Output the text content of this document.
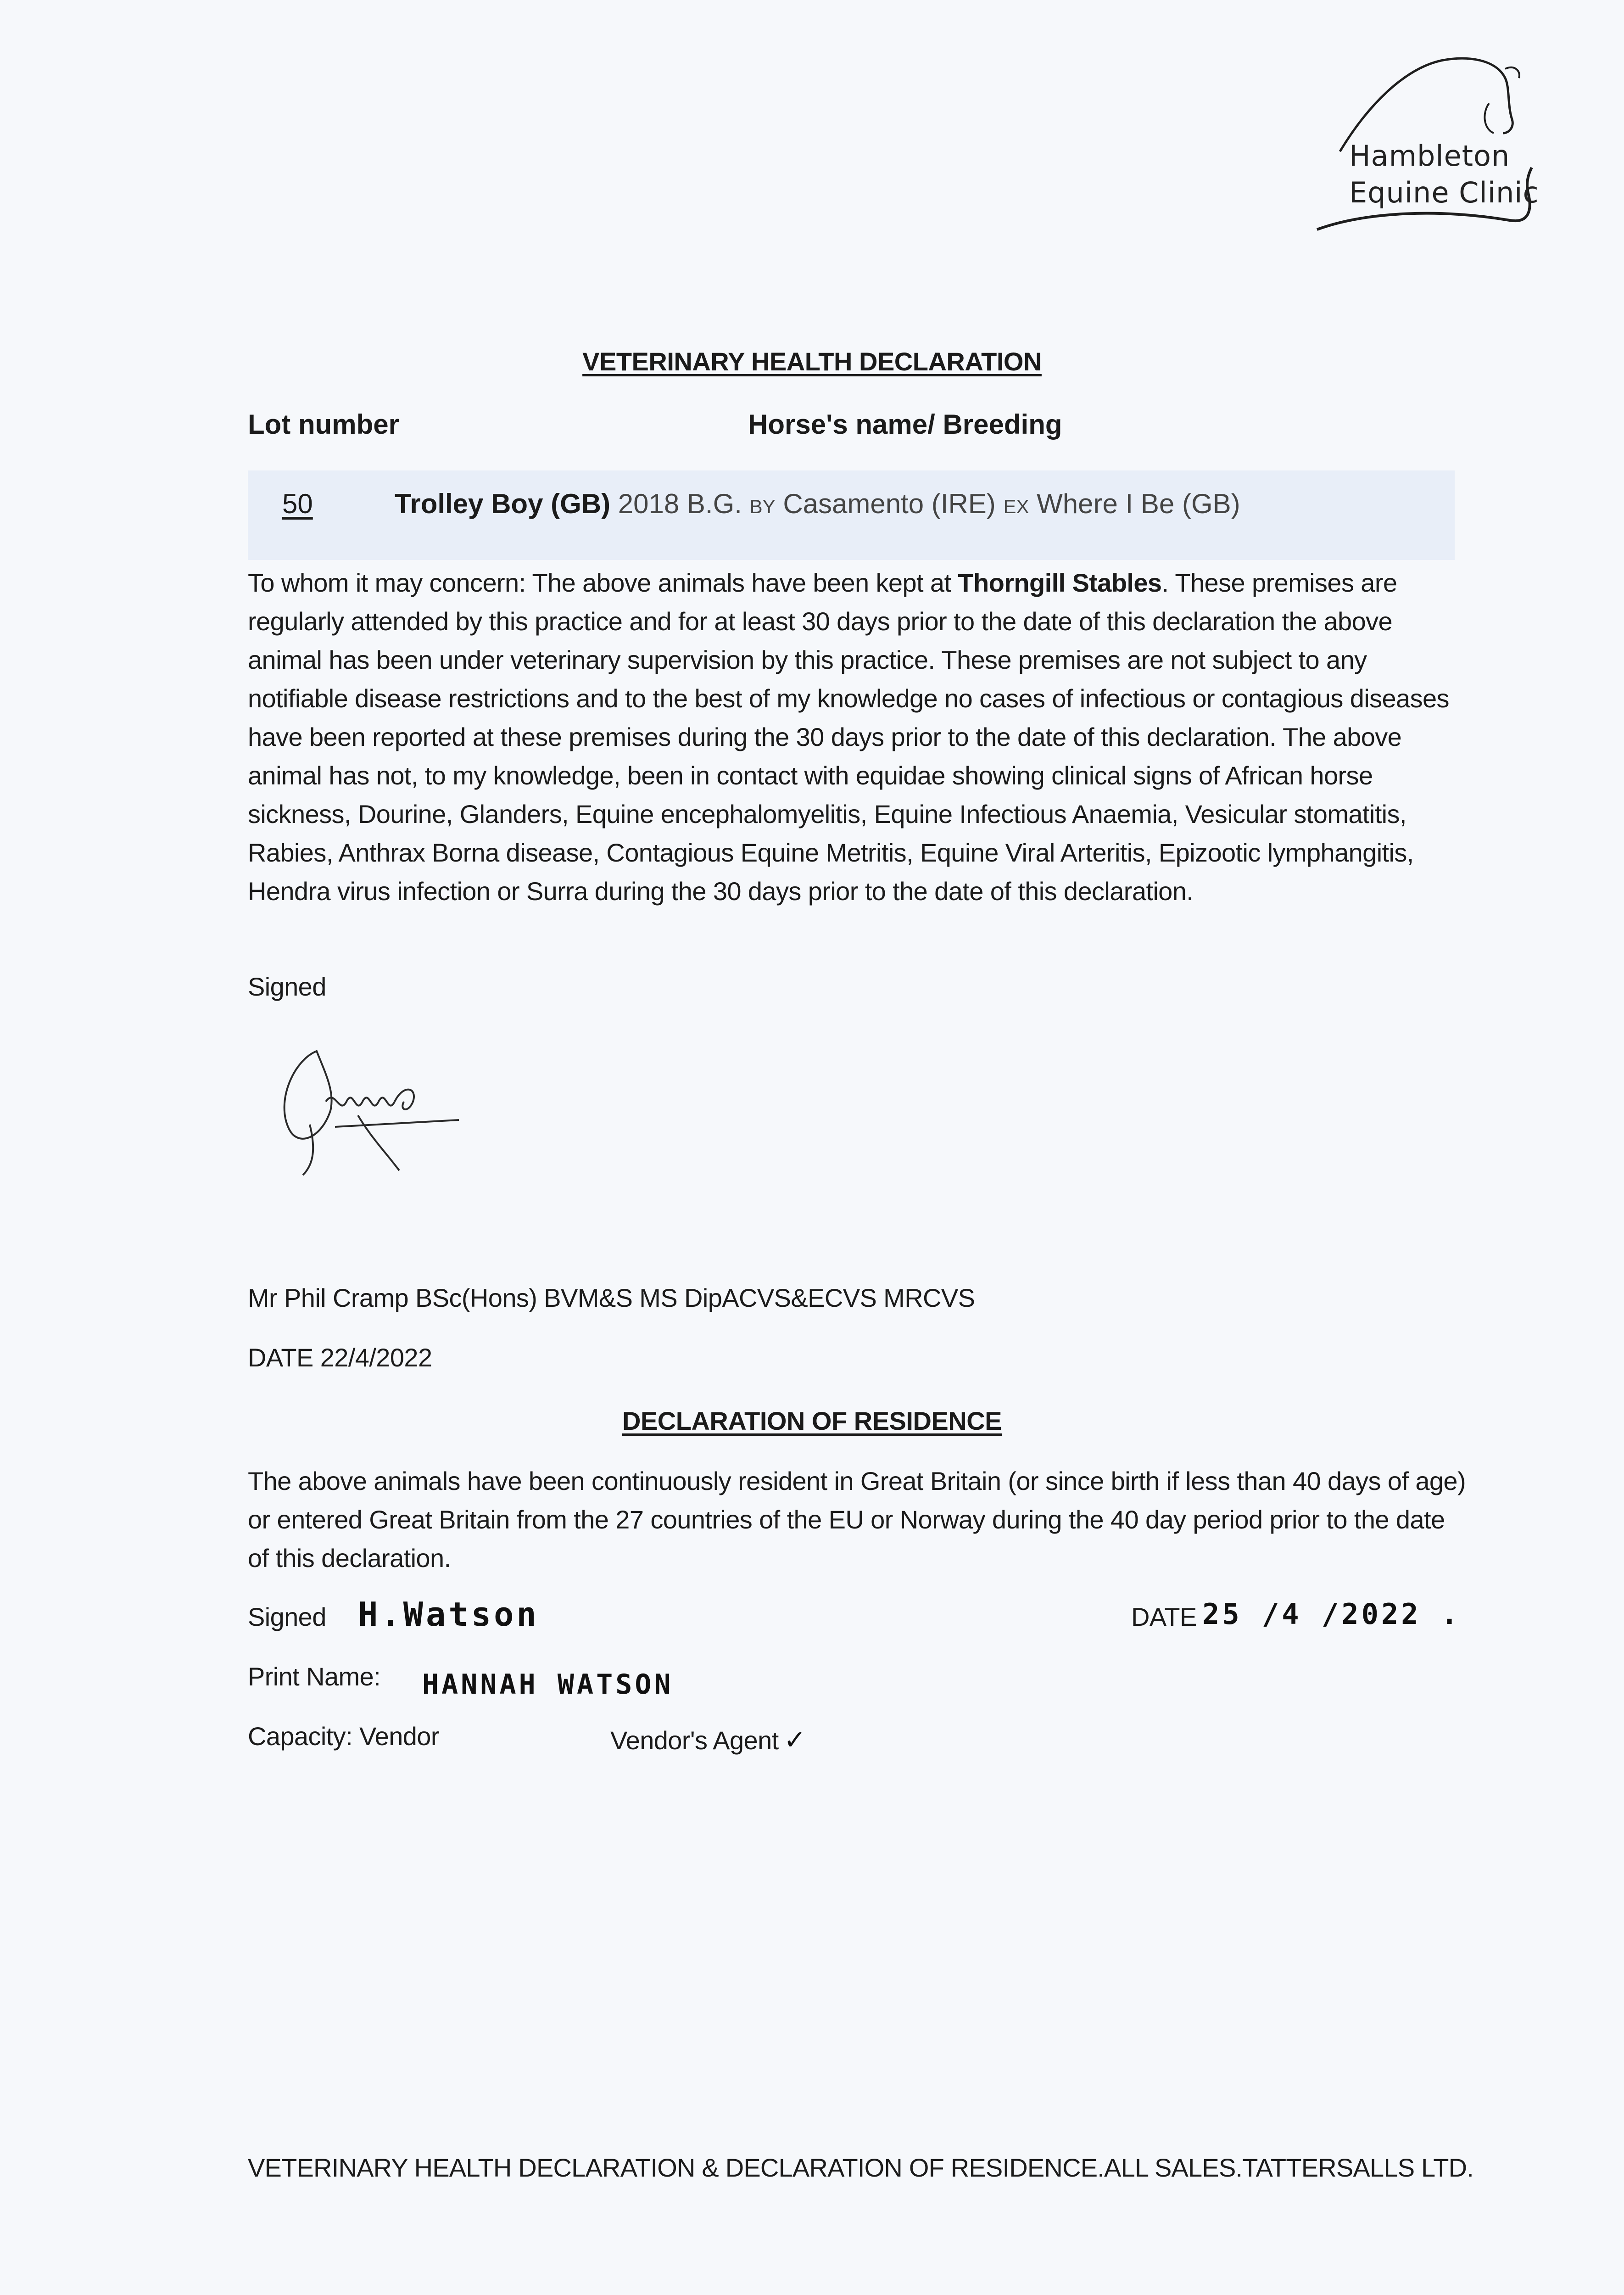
Hambleton
Equine Clinic
VETERINARY HEALTH DECLARATION
Lot number	Horse's name/ Breeding
50	Trolley Boy (GB) 2018 B.G. BY Casamento (IRE) EX Where I Be (GB)
To whom it may concern: The above animals have been kept at Thorngill Stables. These premises are regularly attended by this practice and for at least 30 days prior to the date of this declaration the above animal has been under veterinary supervision by this practice. These premises are not subject to any notifiable disease restrictions and to the best of my knowledge no cases of infectious or contagious diseases have been reported at these premises during the 30 days prior to the date of this declaration. The above animal has not, to my knowledge, been in contact with equidae showing clinical signs of African horse sickness, Dourine, Glanders, Equine encephalomyelitis, Equine Infectious Anaemia, Vesicular stomatitis, Rabies, Anthrax Borna disease, Contagious Equine Metritis, Equine Viral Arteritis, Epizootic lymphangitis, Hendra virus infection or Surra during the 30 days prior to the date of this declaration.
Signed
Mr Phil Cramp BSc(Hons) BVM&S MS DipACVS&ECVS MRCVS
DATE 22/4/2022
DECLARATION OF RESIDENCE
The above animals have been continuously resident in Great Britain (or since birth if less than 40 days of age) or entered Great Britain from the 27 countries of the EU or Norway during the 40 day period prior to the date of this declaration.
Signed H.Watson	DATE 25 /4 /2022 .
Print Name: HANNAH WATSON
Capacity: Vendor	Vendor's Agent ✓
VETERINARY HEALTH DECLARATION & DECLARATION OF RESIDENCE.ALL SALES.TATTERSALLS LTD.
